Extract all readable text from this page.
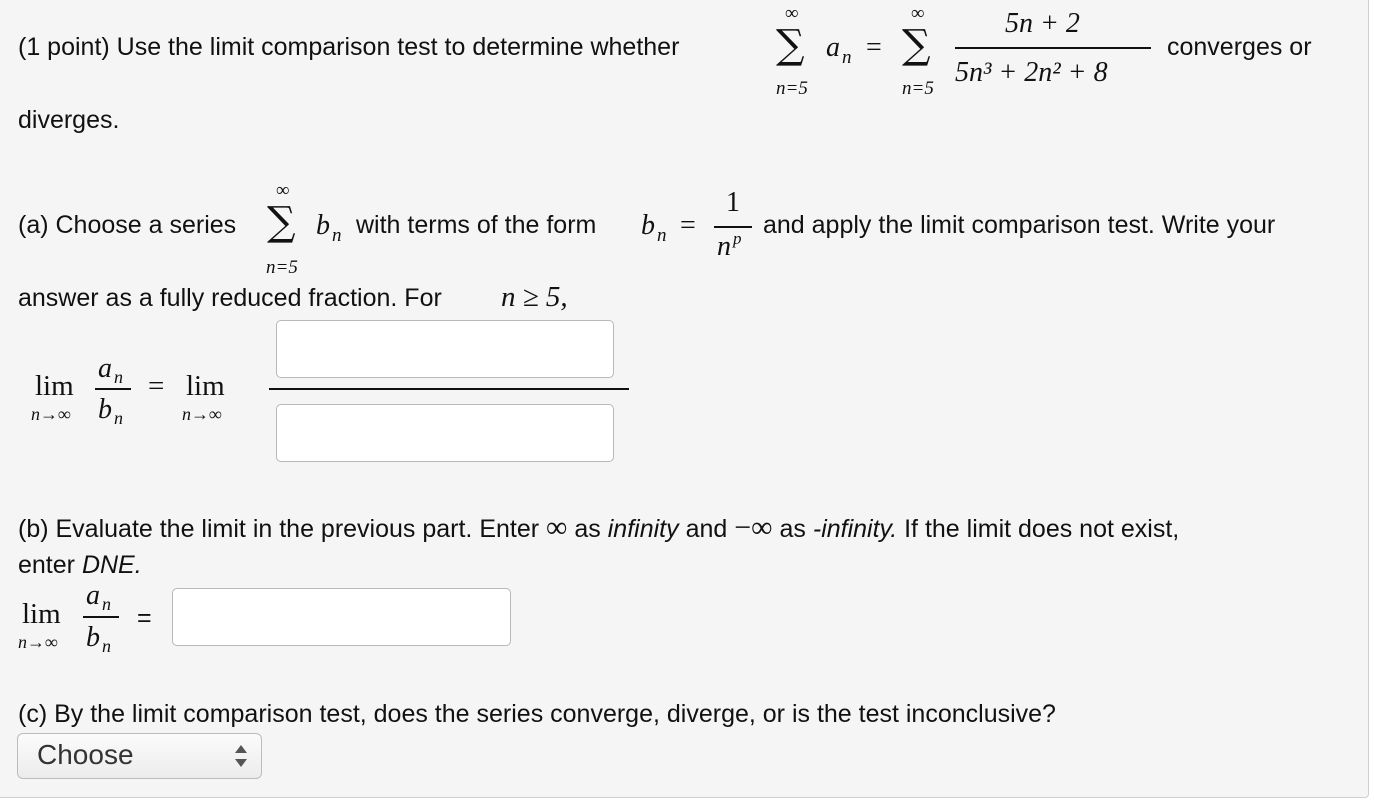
(1 point) Use the limit comparison test to determine whether
∞
∑
n=5
a n =
∞
∑
n=5
5n + 2
5n³ + 2n² + 8
converges or
diverges.
(a) Choose a series
∞
∑
n=5
b n with terms of the form b n =
1
n p and apply the limit comparison test. Write your
answer as a fully reduced fraction. For n ≥ 5,
lim
n→∞
a n
b n
= lim
n→∞
(b) Evaluate the limit in the previous part. Enter ∞ as infinity and −∞ as -infinity. If the limit does not exist,
enter DNE.
lim
n→∞
a n
b n
=
(c) By the limit comparison test, does the series converge, diverge, or is the test inconclusive?
Choose
